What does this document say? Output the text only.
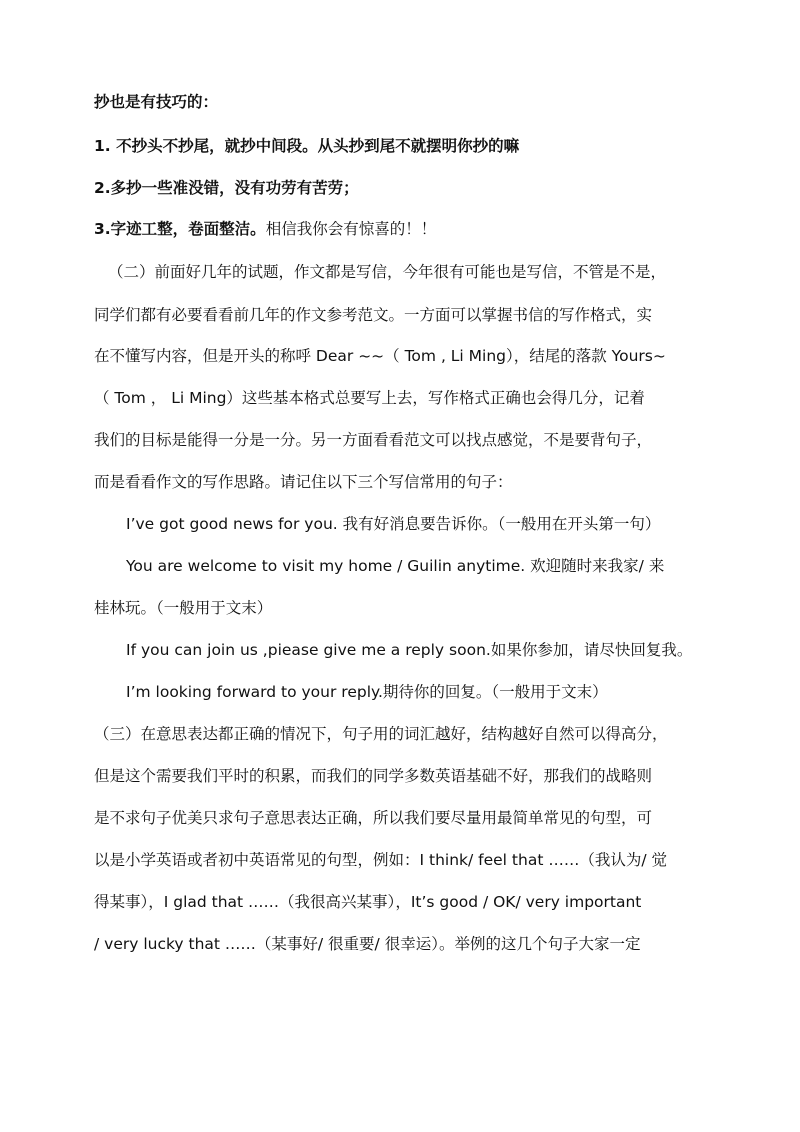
抄也是有技巧的：
1. 不抄头不抄尾，就抄中间段。从头抄到尾不就摆明你抄的嘛
2.多抄一些准没错，没有功劳有苦劳；
3.字迹工整，卷面整洁。相信我你会有惊喜的！！
（二）前面好几年的试题，作文都是写信，今年很有可能也是写信，不管是不是，
同学们都有必要看看前几年的作文参考范文。一方面可以掌握书信的写作格式，实
在不懂写内容，但是开头的称呼 Dear ~~（ Tom , Li Ming），结尾的落款 Yours~
（ Tom ， Li Ming）这些基本格式总要写上去，写作格式正确也会得几分，记着
我们的目标是能得一分是一分。另一方面看看范文可以找点感觉，不是要背句子，
而是看看作文的写作思路。请记住以下三个写信常用的句子：
I’ve got good news for you. 我有好消息要告诉你。（一般用在开头第一句）
You are welcome to visit my home / Guilin anytime. 欢迎随时来我家/ 来
桂林玩。（一般用于文末）
If you can join us ,piease give me a reply soon.如果你参加，请尽快回复我。
I’m looking forward to your reply.期待你的回复。（一般用于文末）
（三）在意思表达都正确的情况下，句子用的词汇越好，结构越好自然可以得高分，
但是这个需要我们平时的积累，而我们的同学多数英语基础不好，那我们的战略则
是不求句子优美只求句子意思表达正确，所以我们要尽量用最简单常见的句型，可
以是小学英语或者初中英语常见的句型，例如：I think/ feel that ……（我认为/ 觉
得某事），I glad that ……（我很高兴某事），It’s good / OK/ very important
/ very lucky that ……（某事好/ 很重要/ 很幸运）。举例的这几个句子大家一定
